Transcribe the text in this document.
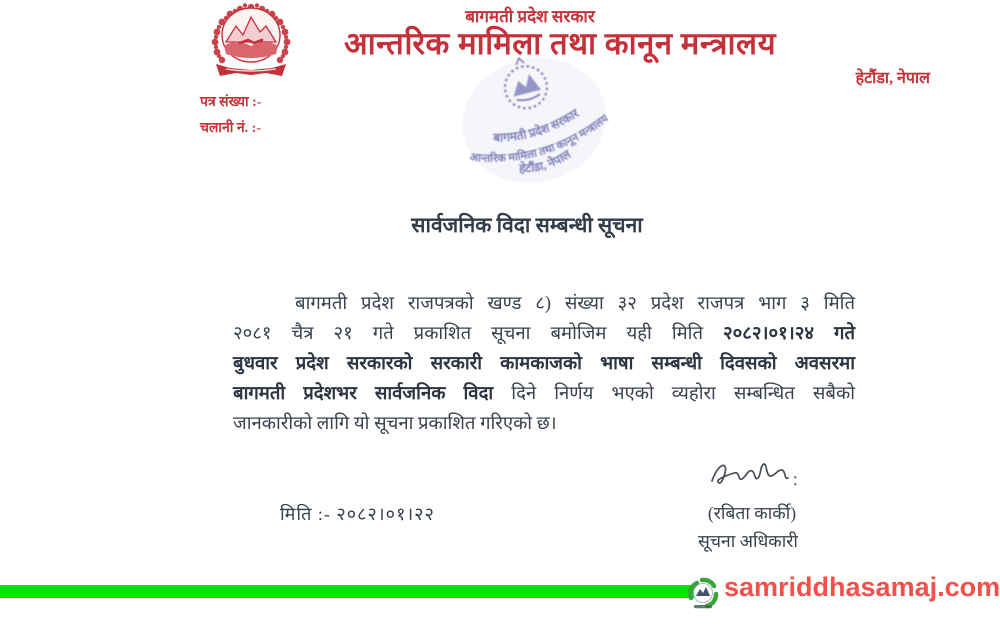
बागमती प्रदेश सरकार
आन्तरिक मामिला तथा कानून मन्त्रालय
हेटौंडा, नेपाल
पत्र संख्या :-
चलानी नं. :-
बागमती प्रदेश सरकार
आन्तरिक मामिला तथा कानून मन्त्रालय
हेटौंडा, नेपाल
सार्वजनिक विदा सम्बन्धी सूचना
बागमती प्रदेश राजपत्रको खण्ड ८) संख्या ३२ प्रदेश राजपत्र भाग ३ मिति
२०८१ चैत्र २१ गते प्रकाशित सूचना बमोजिम यही मिति २०८२।०१।२४ गते
बुधवार प्रदेश सरकारको सरकारी कामकाजको भाषा सम्बन्धी दिवसको अवसरमा
बागमती प्रदेशभर सार्वजनिक विदा दिने निर्णय भएको व्यहोरा सम्बन्धित सबैको
जानकारीको लागि यो सूचना प्रकाशित गरिएको छ।
मिति :- २०८२।०१।२२	(रबिता कार्की)
सूचना अधिकारी
samriddhasamaj.com
